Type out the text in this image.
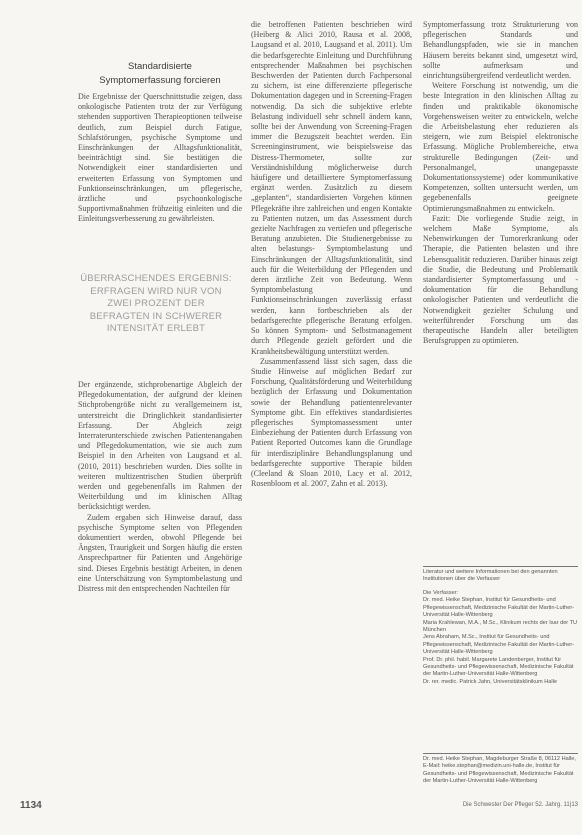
Standardisierte
Symptomerfassung forcieren

Die Ergebnisse der Querschnittstudie zeigen, dass onkologische Patienten trotz der zur Verfügung stehenden supportiven Therapieoptionen teilweise deutlich, zum Beispiel durch Fatigue, Schlafstörungen, psychische Symptome und Einschränkungen der Alltagsfunktionalität, beeinträchtigt sind. Sie bestätigen die Notwendigkeit einer standardisierten und erweiterten Erfassung von Symptomen und Funktionseinschränkungen, um pflegerische, ärztliche und psychoonkologische Supportivmaßnahmen frühzeitig einleiten und die Einleitungsverbesserung zu gewährleisten.

ÜBERRASCHENDES ERGEBNIS:
ERFRAGEN WIRD NUR VON
ZWEI PROZENT DER
BEFRAGTEN IN SCHWERER
INTENSITÄT ERLEBT

Der ergänzende, stichprobenartige Abgleich der Pflegedokumentation, der aufgrund der kleinen Stichprobengröße nicht zu verallgemeinern ist, unterstreicht die Dringlichkeit standardisierter Erfassung. Der Abgleich zeigt Interraterunterschiede zwischen Patientenangaben und Pflegedokumentation, wie sie auch zum Beispiel in den Arbeiten von Laugsand et al. (2010, 2011) beschrieben wurden. Dies sollte in weiteren multizentrischen Studien überprüft werden und gegebenenfalls im Rahmen der Weiterbildung und im klinischen Alltag berücksichtigt werden.

Zudem ergaben sich Hinweise darauf, dass psychische Symptome selten von Pflegenden dokumentiert werden, obwohl Pflegende bei Ängsten, Traurigkeit und Sorgen häufig die ersten Ansprechpartner für Patienten und Angehörige sind. Dieses Ergebnis bestätigt Arbeiten, in denen eine Unterschätzung von Symptombelastung und Distress mit den entsprechenden Nachteilen für

die betroffenen Patienten beschrieben wird (Heiberg & Alici 2010, Rausa et al. 2008, Laugsand et al. 2010, Laugsand et al. 2011). Um die bedarfsgerechte Einleitung und Durchführung entsprechender Maßnahmen bei psychischen Beschwerden der Patienten durch Fachpersonal zu sichern, ist eine differenzierte pflegerische Dokumentation dagegen und in Screening-Fragen notwendig. Da sich die subjektive erlebte Belastung individuell sehr schnell ändern kann, sollte bei der Anwendung von Screening-Fragen immer die Bezugszeit beachtet werden. Ein Screeninginstrument, wie beispielsweise das Distress-Thermometer, sollte zur Verständnisbildung möglicherweise durch häufigere und detailliertere Symptomerfassung ergänzt werden. Zusätzlich zu diesem „geplanten“, standardisierten Vorgehen können Pflegekräfte ihre zahlreichen und engen Kontakte zu Patienten nutzen, um das Assessment durch gezielte Nachfragen zu vertiefen und pflegerische Beratung anzubieten. Die Studienergebnisse zu alten belastungs- Symptombelastung und Einschränkungen der Alltagsfunktionalität, sind auch für die Weiterbildung der Pflegenden und deren ärztliche Zeit von Bedeutung. Wenn Symptombelastung und Funktionseinschränkungen zuverlässig erfasst werden, kann fortbeschrieben als der bedarfsgerechte pflegerische Beratung erfolgen. So können Symptom- und Selbstmanagement durch Pflegende gezielt gefördert und die Krankheitsbewältigung unterstützt werden.

Zusammenfassend lässt sich sagen, dass die Studie Hinweise auf möglichen Bedarf zur Forschung, Qualitätsförderung und Weiterbildung bezüglich der Erfassung und Dokumentation sowie der Behandlung patientenrelevanter Symptome gibt. Ein effektives standardisiertes pflegerisches Symptomassessment unter Einbeziehung der Patienten durch Erfassung von Patient Reported Outcomes kann die Grundlage für interdisziplinäre Behandlungsplanung und bedarfsgerechte supportive Therapie bilden (Cleeland & Sloan 2010, Lacy et al. 2012, Rosenbloom et al. 2007, Zahn et al. 2013).

Symptomerfassung trotz Strukturierung von pflegerischen Standards und Behandlungspfaden, wie sie in manchen Häusern bereits bekannt sind, umgesetzt wird, sollte aufmerksam und einrichtungsübergreifend verdeutlicht werden.

Weitere Forschung ist notwendig, um die beste Integration in den klinischen Alltag zu finden und praktikable ökonomische Vorgehensweisen weiter zu entwickeln, welche die Arbeitsbelastung eher reduzieren als steigern, wie zum Beispiel elektronische Erfassung. Mögliche Problembereiche, etwa strukturelle Bedingungen (Zeit- und Personalmangel, unangepasste Dokumentationssysteme) oder kommunikative Kompetenzen, sollten untersucht werden, um gegebenenfalls geeignete Optimierungsmaßnahmen zu entwickeln.

Fazit: Die vorliegende Studie zeigt, in welchem Maße Symptome, als Nebenwirkungen der Tumorerkrankung oder Therapie, die Patienten belasten und ihre Lebensqualität reduzieren. Darüber hinaus zeigt die Studie, die Bedeutung und Problematik standardisierter Symptomerfassung und -dokumentation für die Behandlung onkologischer Patienten und verdeutlicht die Notwendigkeit gezielter Schulung und weiterführender Forschung um das therapeutische Handeln aller beteiligten Berufsgruppen zu optimieren.

Literatur und weitere Informationen bei den genannten Institutionen über die Verfasser

Die Verfasser:

Dr. med. Heike Stephan, Institut für Gesundheits- und Pflegewissenschaft, Medizinische Fakultät der Martin-Luther-Universität Halle-Wittenberg

Maria Krahlewan, M.A., M.Sc., Klinikum rechts der Isar der TU München

Jens Abraham, M.Sc., Institut für Gesundheits- und Pflegewissenschaft, Medizinische Fakultät der Martin-Luther-Universität Halle-Wittenberg

Prof. Dr. phil. habil. Margarete Landenberger, Institut für Gesundheits- und Pflegewissenschaft, Medizinische Fakultät der Martin-Luther-Universität Halle-Wittenberg

Dr. rer. medic. Patrick Jahn, Universitätsklinikum Halle

Dr. med. Heike Stephan, Magdeburger Straße 8, 06112 Halle, E-Mail: heike.stephan@medizin.uni-halle.de, Institut für Gesundheits- und Pflegewissenschaft, Medizinische Fakultät der Martin-Luther-Universität Halle-Wittenberg
1134	Die Schwester Der Pfleger 52. Jahrg. 11|13
